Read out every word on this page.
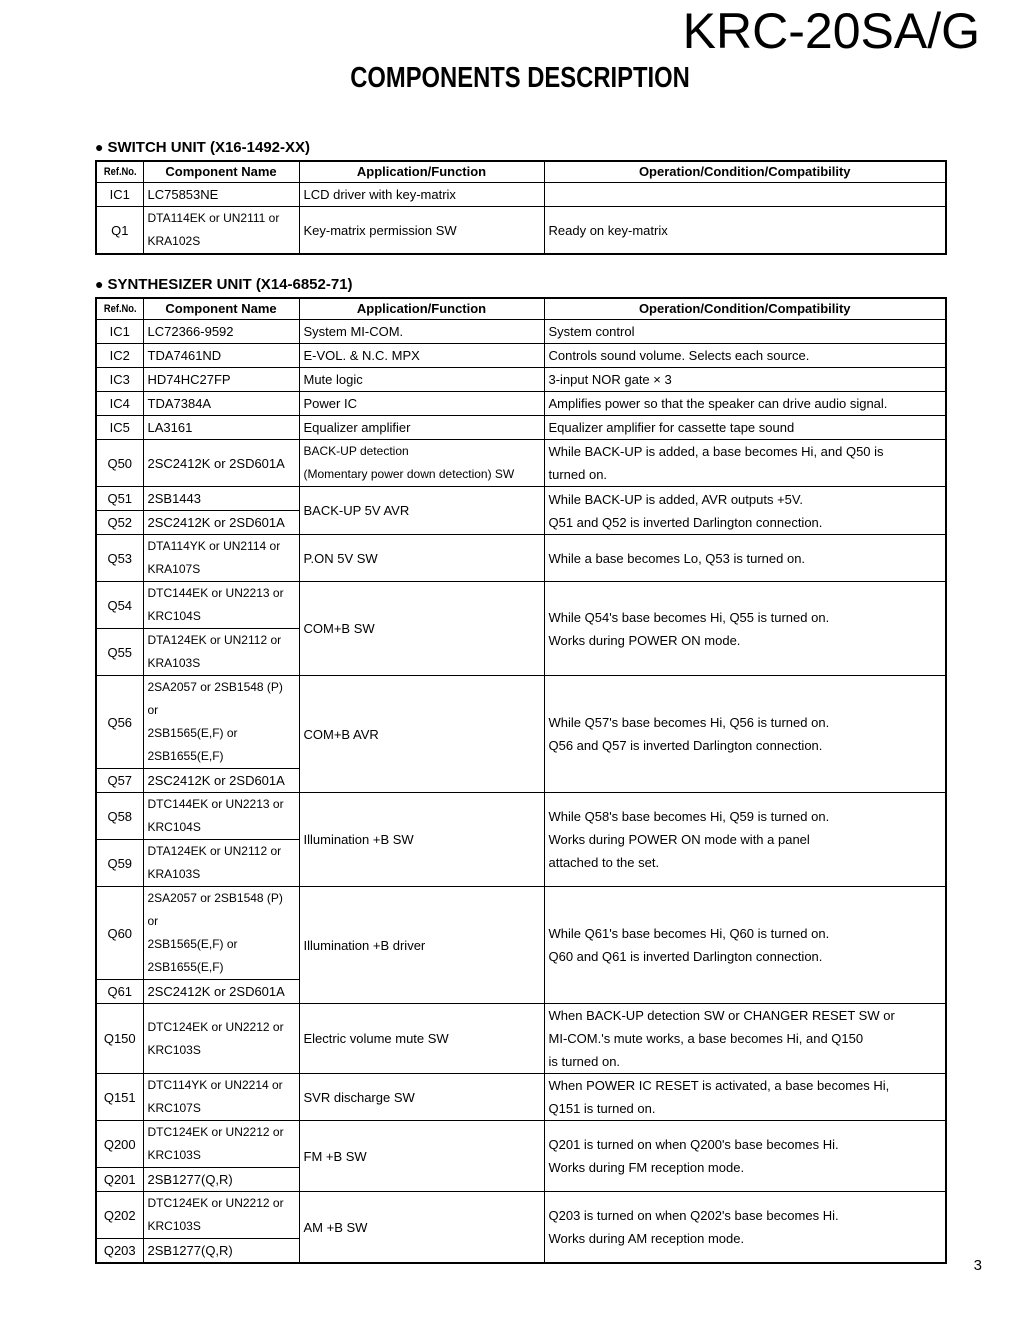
KRC-20SA/G
COMPONENTS DESCRIPTION
● SWITCH UNIT (X16-1492-XX)
Ref.No.	Component Name	Application/Function	Operation/Condition/Compatibility
IC1	LC75853NE	LCD driver with key-matrix	
Q1	DTA114EK or UN2111 or
KRA102S	Key-matrix permission SW	Ready on key-matrix
● SYNTHESIZER UNIT (X14-6852-71)
Ref.No.	Component Name	Application/Function	Operation/Condition/Compatibility
IC1	LC72366-9592	System MI-COM.	System control
IC2	TDA7461ND	E-VOL. & N.C. MPX	Controls sound volume. Selects each source.
IC3	HD74HC27FP	Mute logic	3-input NOR gate × 3
IC4	TDA7384A	Power IC	Amplifies power so that the speaker can drive audio signal.
IC5	LA3161	Equalizer amplifier	Equalizer amplifier for cassette tape sound
Q50	2SC2412K or 2SD601A	BACK-UP detection
(Momentary power down detection) SW	While BACK-UP is added, a base becomes Hi, and Q50 is
turned on.

Q51	2SB1443	BACK-UP 5V AVR	While BACK-UP is added, AVR outputs +5V.
Q51 and Q52 is inverted Darlington connection.

Q52	2SC2412K or 2SD601A		
Q53	DTA114YK or UN2114 or
KRA107S	P.ON 5V SW	While a base becomes Lo, Q53 is turned on.
Q54	DTC144EK or UN2213 or
KRC104S	COM+B SW	While Q54's base becomes Hi, Q55 is turned on.
Works during POWER ON mode.

Q55	DTA124EK or UN2112 or
KRA103S		

Q56	2SA2057 or 2SB1548 (P) or
2SB1565(E,F) or
2SB1655(E,F)	COM+B AVR	While Q57's base becomes Hi, Q56 is turned on.
Q56 and Q57 is inverted Darlington connection.

Q57	2SC2412K or 2SD601A		
Q58	DTC144EK or UN2213 or
KRC104S	Illumination +B SW	While Q58's base becomes Hi, Q59 is turned on.
Works during POWER ON mode with a panel
attached to the set.

Q59	DTA124EK or UN2112 or
KRA103S		

Q60	2SA2057 or 2SB1548 (P) or
2SB1565(E,F) or
2SB1655(E,F)	Illumination +B driver	While Q61's base becomes Hi, Q60 is turned on.
Q60 and Q61 is inverted Darlington connection.

Q61	2SC2412K or 2SD601A		
Q150	DTC124EK or UN2212 or
KRC103S	Electric volume mute SW	When BACK-UP detection SW or CHANGER RESET SW or
MI-COM.'s mute works, a base becomes Hi, and Q150
is turned on.

Q151	DTC114YK or UN2214 or
KRC107S	SVR discharge SW	When POWER IC RESET is activated, a base becomes Hi,
Q151 is turned on.

Q200	DTC124EK or UN2212 or
KRC103S	FM +B SW	Q201 is turned on when Q200's base becomes Hi.
Works during FM reception mode.

Q201	2SB1277(Q,R)		
Q202	DTC124EK or UN2212 or
KRC103S	AM +B SW	Q203 is turned on when Q202's base becomes Hi.
Works during AM reception mode.

Q203	2SB1277(Q,R)		
3
